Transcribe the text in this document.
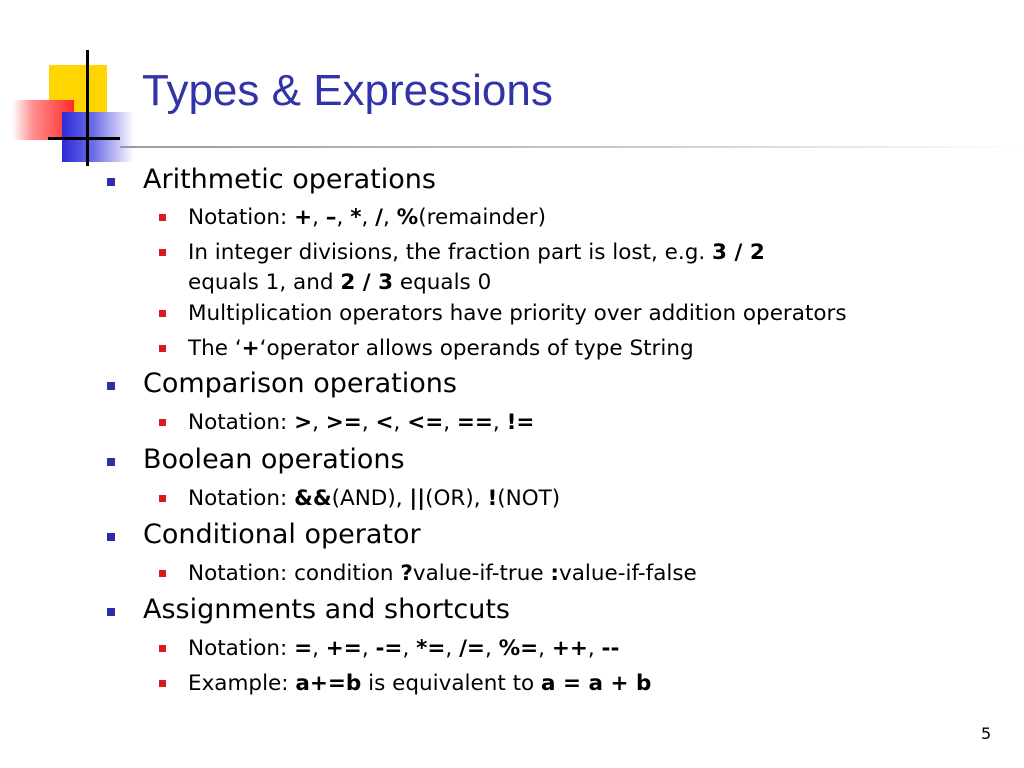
Types & Expressions
Arithmetic operations
Notation: +, –, *, /, %(remainder)
In integer divisions, the fraction part is lost, e.g. 3 / 2
equals 1, and 2 / 3 equals 0
Multiplication operators have priority over addition operators
The ‘+‘operator allows operands of type String
Comparison operations
Notation: >, >=, <, <=, ==, !=
Boolean operations
Notation: &&(AND), ||(OR), !(NOT)
Conditional operator
Notation: condition ?value-if-true :value-if-false
Assignments and shortcuts
Notation: =, +=, -=, *=, /=, %=, ++, --
Example: a+=b is equivalent to a = a + b
5
